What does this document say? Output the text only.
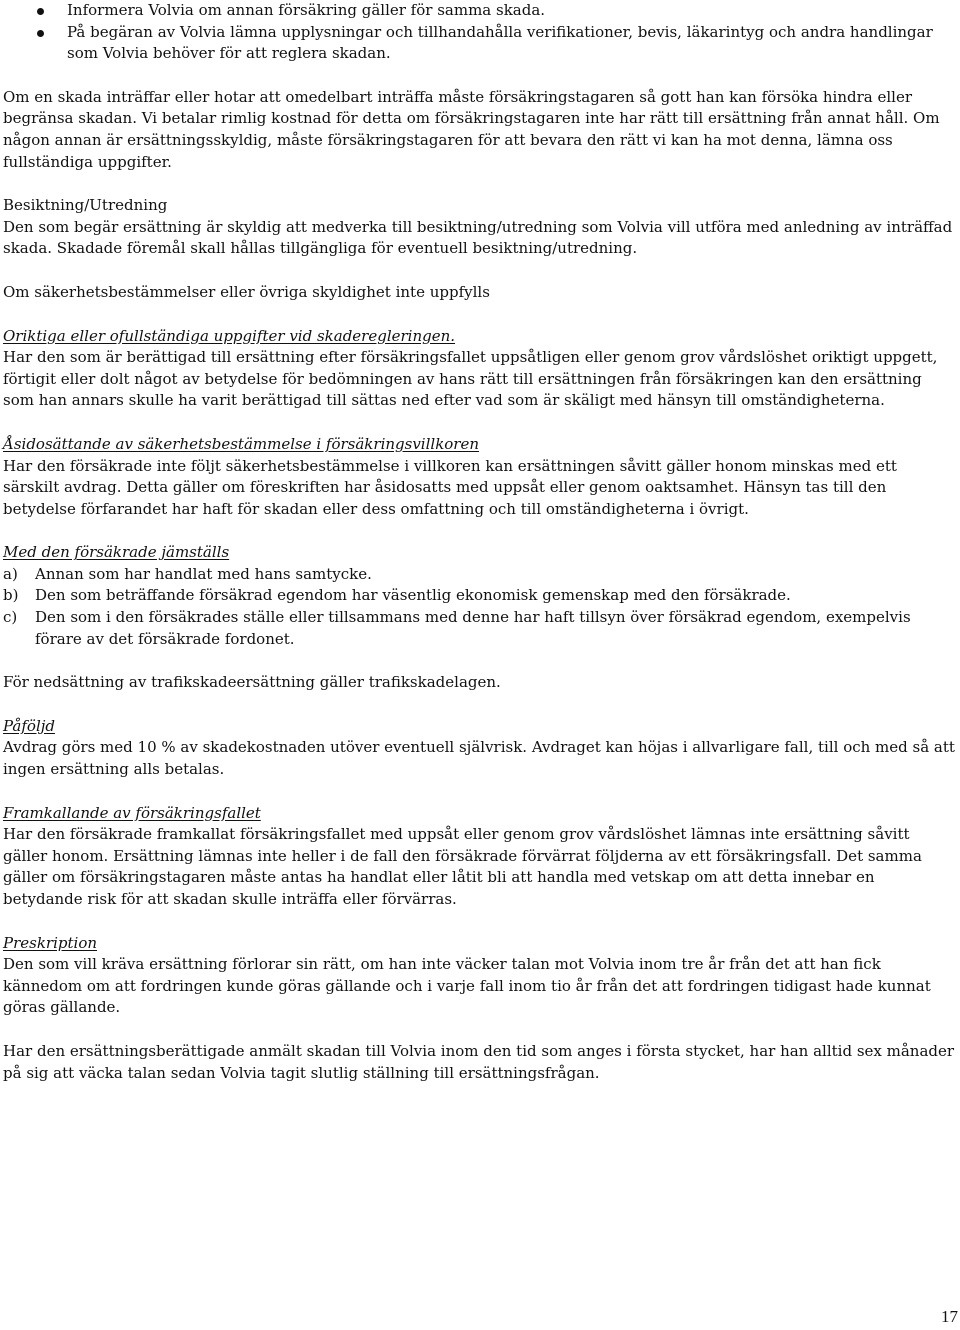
Informera Volvia om annan försäkring gäller för samma skada.
På begäran av Volvia lämna upplysningar och tillhandahålla verifikationer, bevis, läkarintyg och andra handlingar som Volvia behöver för att reglera skadan.

Om en skada inträffar eller hotar att omedelbart inträffa måste försäkringstagaren så gott han kan försöka hindra eller begränsa skadan. Vi betalar rimlig kostnad för detta om försäkringstagaren inte har rätt till ersättning från annat håll. Om någon annan är ersättningsskyldig, måste försäkringstagaren för att bevara den rätt vi kan ha mot denna, lämna oss fullständiga uppgifter.

Besiktning/Utredning

Den som begär ersättning är skyldig att medverka till besiktning/utredning som Volvia vill utföra med anledning av inträffad skada. Skadade föremål skall hållas tillgängliga för eventuell besiktning/utredning.

Om säkerhetsbestämmelser eller övriga skyldighet inte uppfylls

Oriktiga eller ofullständiga uppgifter vid skaderegleringen.

Har den som är berättigad till ersättning efter försäkringsfallet uppsåtligen eller genom grov vårdslöshet oriktigt uppgett, förtigit eller dolt något av betydelse för bedömningen av hans rätt till ersättningen från försäkringen kan den ersättning som han annars skulle ha varit berättigad till sättas ned efter vad som är skäligt med hänsyn till omständigheterna.

Åsidosättande av säkerhetsbestämmelse i försäkringsvillkoren

Har den försäkrade inte följt säkerhetsbestämmelse i villkoren kan ersättningen såvitt gäller honom minskas med ett särskilt avdrag. Detta gäller om föreskriften har åsidosatts med uppsåt eller genom oaktsamhet. Hänsyn tas till den betydelse förfarandet har haft för skadan eller dess omfattning och till omständigheterna i övrigt.

Med den försäkrade jämställs
a) Annan som har handlat med hans samtycke.
b) Den som beträffande försäkrad egendom har väsentlig ekonomisk gemenskap med den försäkrade.
c) Den som i den försäkrades ställe eller tillsammans med denne har haft tillsyn över försäkrad egendom, exempelvis förare av det försäkrade fordonet.

För nedsättning av trafikskadeersättning gäller trafikskadelagen.

Påföljd

Avdrag görs med 10 % av skadekostnaden utöver eventuell självrisk. Avdraget kan höjas i allvarligare fall, till och med så att ingen ersättning alls betalas.

Framkallande av försäkringsfallet

Har den försäkrade framkallat försäkringsfallet med uppsåt eller genom grov vårdslöshet lämnas inte ersättning såvitt gäller honom. Ersättning lämnas inte heller i de fall den försäkrade förvärrat följderna av ett försäkringsfall. Det samma gäller om försäkringstagaren måste antas ha handlat eller låtit bli att handla med vetskap om att detta innebar en betydande risk för att skadan skulle inträffa eller förvärras.

Preskription

Den som vill kräva ersättning förlorar sin rätt, om han inte väcker talan mot Volvia inom tre år från det att han fick kännedom om att fordringen kunde göras gällande och i varje fall inom tio år från det att fordringen tidigast hade kunnat göras gällande.

Har den ersättningsberättigade anmält skadan till Volvia inom den tid som anges i första stycket, har han alltid sex månader på sig att väcka talan sedan Volvia tagit slutlig ställning till ersättningsfrågan.

17
